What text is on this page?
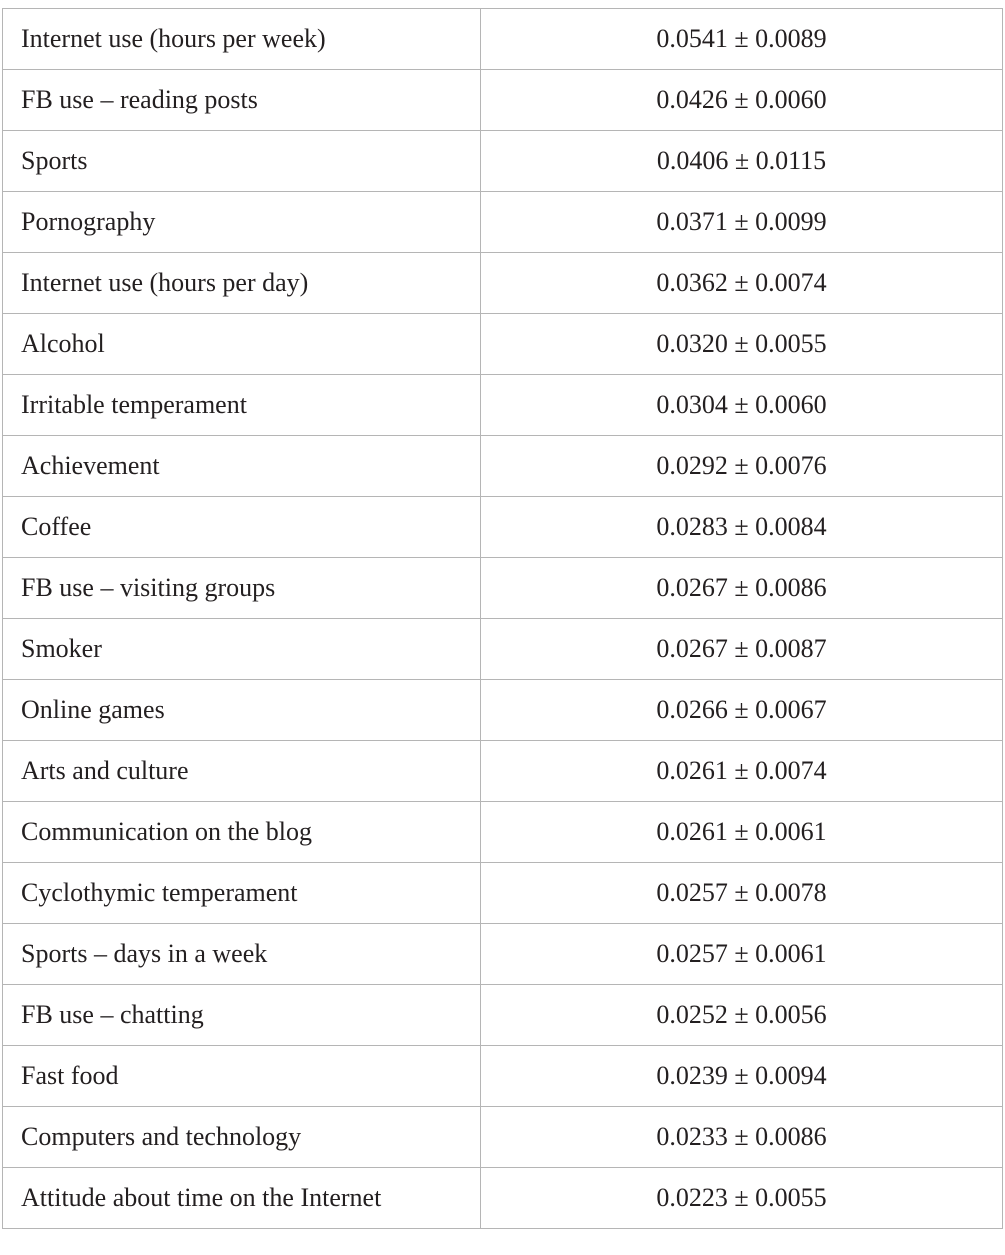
Internet use (hours per week)	0.0541 ± 0.0089
FB use – reading posts	0.0426 ± 0.0060
Sports	0.0406 ± 0.0115
Pornography	0.0371 ± 0.0099
Internet use (hours per day)	0.0362 ± 0.0074
Alcohol	0.0320 ± 0.0055
Irritable temperament	0.0304 ± 0.0060
Achievement	0.0292 ± 0.0076
Coffee	0.0283 ± 0.0084
FB use – visiting groups	0.0267 ± 0.0086
Smoker	0.0267 ± 0.0087
Online games	0.0266 ± 0.0067
Arts and culture	0.0261 ± 0.0074
Communication on the blog	0.0261 ± 0.0061
Cyclothymic temperament	0.0257 ± 0.0078
Sports – days in a week	0.0257 ± 0.0061
FB use – chatting	0.0252 ± 0.0056
Fast food	0.0239 ± 0.0094
Computers and technology	0.0233 ± 0.0086
Attitude about time on the Internet	0.0223 ± 0.0055
